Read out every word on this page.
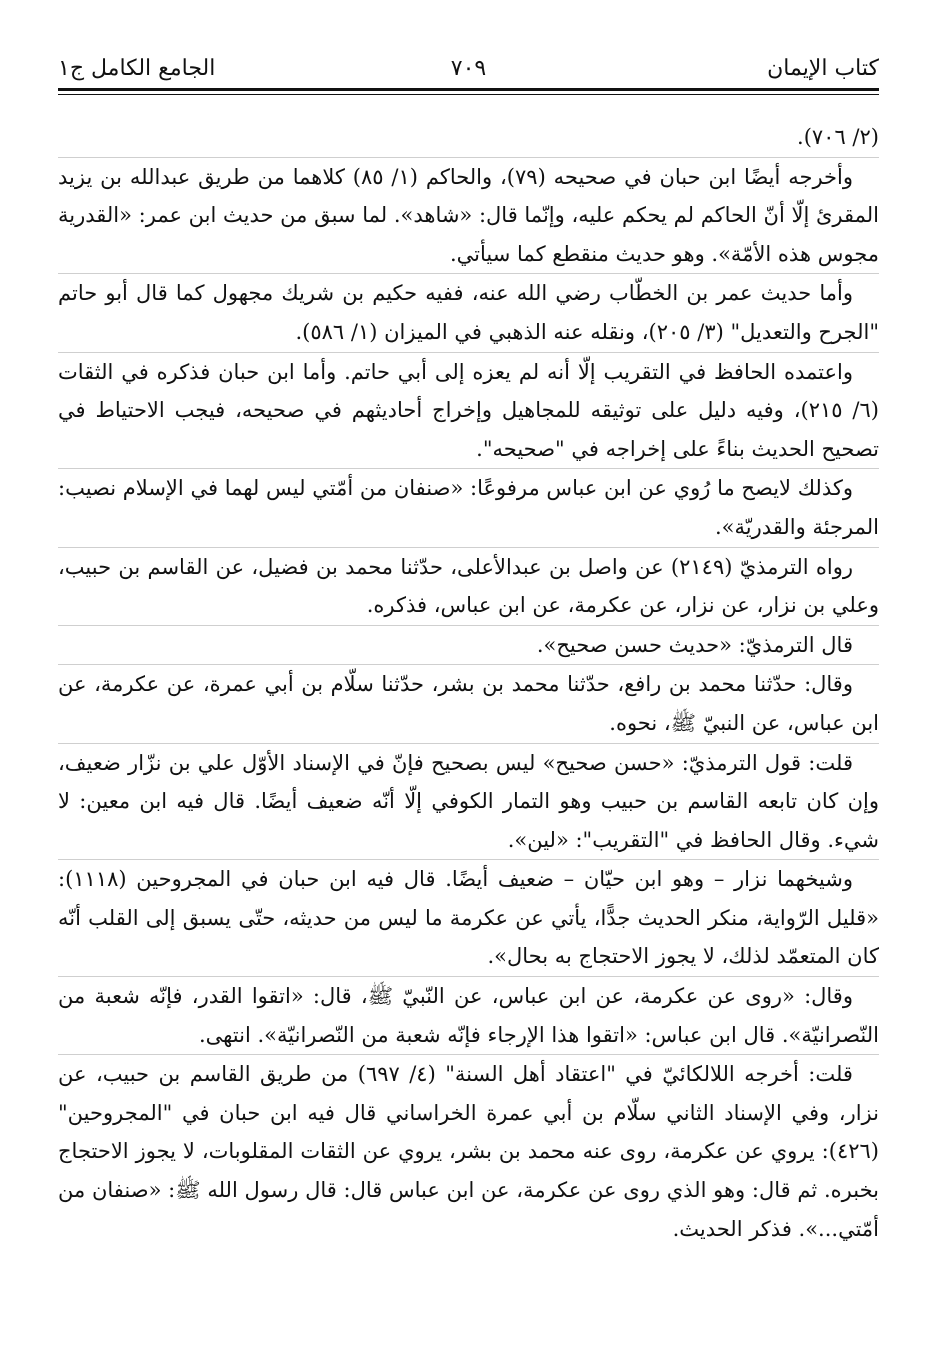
كتاب الإيمان
٧٠٩
الجامع الكامل ج١

(٢/ ٧٠٦).

وأخرجه أيضًا ابن حبان في صحيحه (٧٩)، والحاكم (١/ ٨٥) كلاهما من طريق عبدالله بن يزيد المقرئ إلّا أنّ الحاكم لم يحكم عليه، وإنّما قال: «شاهد». لما سبق من حديث ابن عمر: «القدرية مجوس هذه الأمّة». وهو حديث منقطع كما سيأتي.

وأما حديث عمر بن الخطّاب رضي الله عنه، ففيه حكيم بن شريك مجهول كما قال أبو حاتم "الجرح والتعديل" (٣/ ٢٠٥)، ونقله عنه الذهبي في الميزان (١/ ٥٨٦).

واعتمده الحافظ في التقريب إلّا أنه لم يعزه إلى أبي حاتم. وأما ابن حبان فذكره في الثقات (٦/ ٢١٥)، وفيه دليل على توثيقه للمجاهيل وإخراج أحاديثهم في صحيحه، فيجب الاحتياط في تصحيح الحديث بناءً على إخراجه في "صحيحه".

وكذلك لايصح ما رُوي عن ابن عباس مرفوعًا: «صنفان من أمّتي ليس لهما في الإسلام نصيب: المرجئة والقدريّة».

رواه الترمذيّ (٢١٤٩) عن واصل بن عبدالأعلى، حدّثنا محمد بن فضيل، عن القاسم بن حبيب، وعلي بن نزار، عن نزار، عن عكرمة، عن ابن عباس، فذكره.

قال الترمذيّ: «حديث حسن صحيح».

وقال: حدّثنا محمد بن رافع، حدّثنا محمد بن بشر، حدّثنا سلّام بن أبي عمرة، عن عكرمة، عن ابن عباس، عن النبيّ ﷺ، نحوه.

قلت: قول الترمذيّ: «حسن صحيح» ليس بصحيح فإنّ في الإسناد الأوّل علي بن نزّار ضعيف، وإن كان تابعه القاسم بن حبيب وهو التمار الكوفي إلّا أنّه ضعيف أيضًا. قال فيه ابن معين: لا شيء. وقال الحافظ في "التقريب": «لين».

وشيخهما نزار – وهو ابن حيّان – ضعيف أيضًا. قال فيه ابن حبان في المجروحين (١١١٨): «قليل الرّواية، منكر الحديث جدًّا، يأتي عن عكرمة ما ليس من حديثه، حتّى يسبق إلى القلب أنّه كان المتعمّد لذلك، لا يجوز الاحتجاج به بحال».

وقال: «روى عن عكرمة، عن ابن عباس، عن النّبيّ ﷺ، قال: «اتقوا القدر، فإنّه شعبة من النّصرانيّة». قال ابن عباس: «اتقوا هذا الإرجاء فإنّه شعبة من النّصرانيّة». انتهى.

قلت: أخرجه اللالكائيّ في "اعتقاد أهل السنة" (٤/ ٦٩٧) من طريق القاسم بن حبيب، عن نزار، وفي الإسناد الثاني سلّام بن أبي عمرة الخراساني قال فيه ابن حبان في "المجروحين" (٤٢٦): يروي عن عكرمة، روى عنه محمد بن بشر، يروي عن الثقات المقلوبات، لا يجوز الاحتجاج بخبره. ثم قال: وهو الذي روى عن عكرمة، عن ابن عباس قال: قال رسول الله ﷺ: «صنفان من أمّتي...». فذكر الحديث.
